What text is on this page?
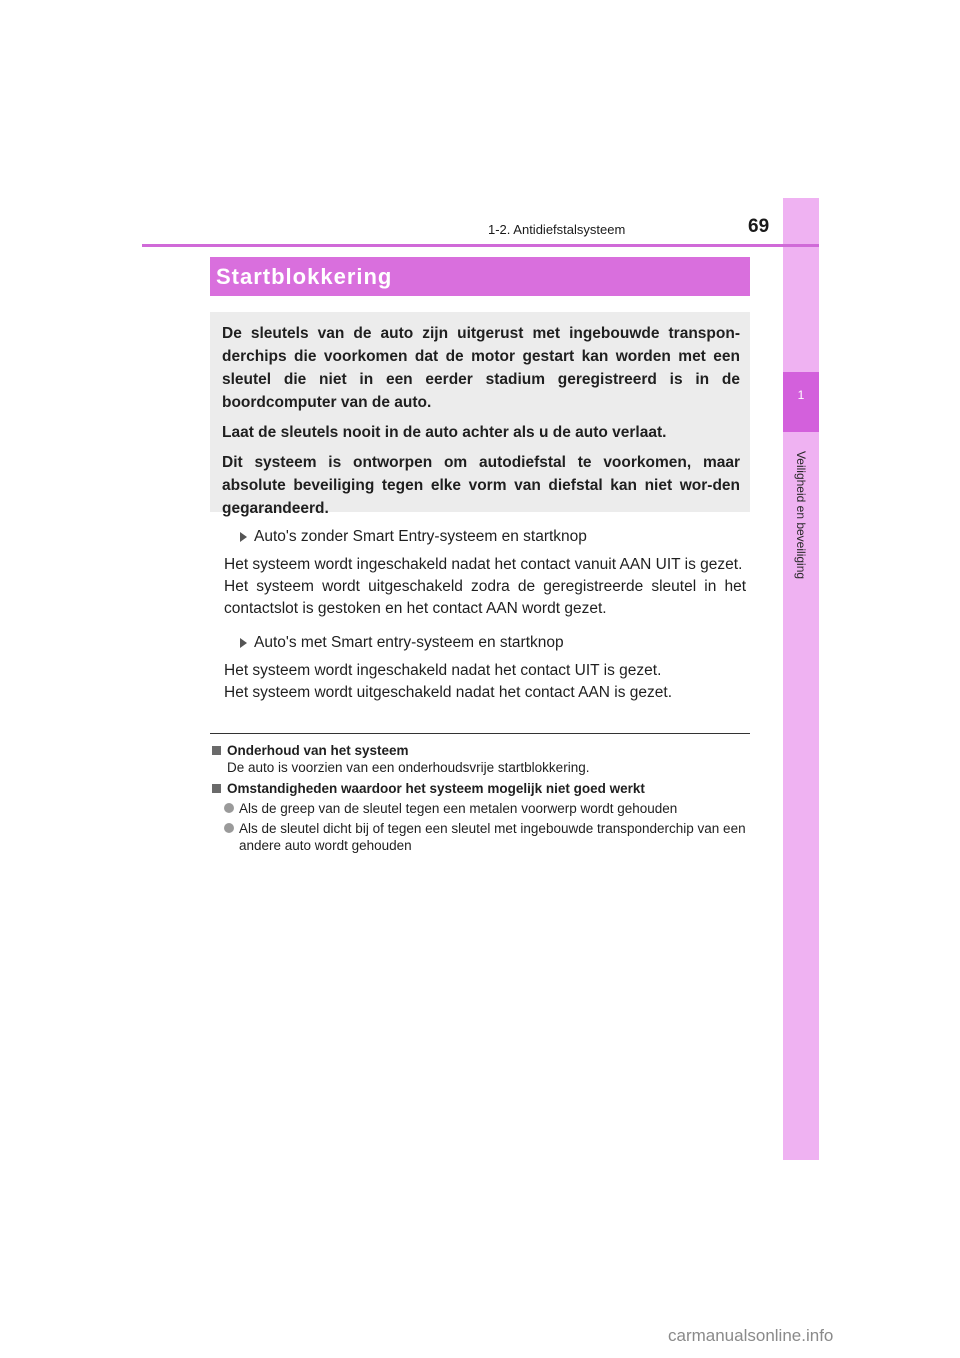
1
Veiligheid en beveiliging
1-2. Antidiefstalsysteem	69
Startblokkering

De sleutels van de auto zijn uitgerust met ingebouwde transpon-derchips die voorkomen dat de motor gestart kan worden met een sleutel die niet in een eerder stadium geregistreerd is in de boordcomputer van de auto.

Laat de sleutels nooit in de auto achter als u de auto verlaat.

Dit systeem is ontworpen om autodiefstal te voorkomen, maar absolute beveiliging tegen elke vorm van diefstal kan niet wor-den gegarandeerd.

Auto's zonder Smart Entry-systeem en startknop

Het systeem wordt ingeschakeld nadat het contact vanuit AAN UIT is gezet.

Het systeem wordt uitgeschakeld zodra de geregistreerde sleutel in het contactslot is gestoken en het contact AAN wordt gezet.

Auto's met Smart entry-systeem en startknop

Het systeem wordt ingeschakeld nadat het contact UIT is gezet.

Het systeem wordt uitgeschakeld nadat het contact AAN is gezet.

Onderhoud van het systeem
De auto is voorzien van een onderhoudsvrije startblokkering.
Omstandigheden waardoor het systeem mogelijk niet goed werkt
Als de greep van de sleutel tegen een metalen voorwerp wordt gehouden
Als de sleutel dicht bij of tegen een sleutel met ingebouwde transponderchip van een andere auto wordt gehouden
carmanualsonline.info
